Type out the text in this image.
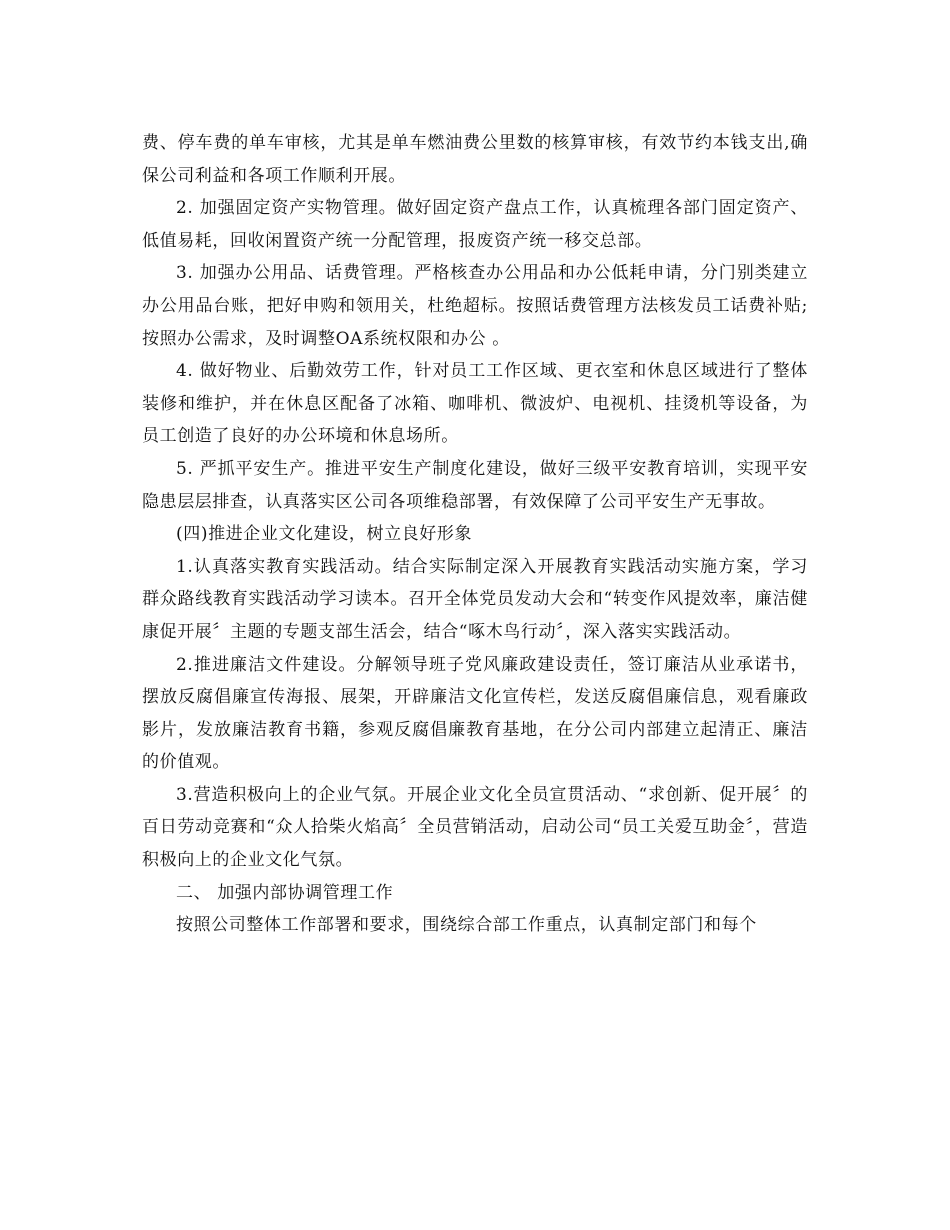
费、停车费的单车审核，尤其是单车燃油费公里数的核算审核，有效节约本钱支出,确保公司利益和各项工作顺利开展。

2. 加强固定资产实物管理。做好固定资产盘点工作，认真梳理各部门固定资产、低值易耗，回收闲置资产统一分配管理，报废资产统一移交总部。

3. 加强办公用品、话费管理。严格核查办公用品和办公低耗申请，分门别类建立办公用品台账，把好申购和领用关，杜绝超标。按照话费管理方法核发员工话费补贴;按照办公需求，及时调整OA系统权限和办公 。

4. 做好物业、后勤效劳工作，针对员工工作区域、更衣室和休息区域进行了整体装修和维护，并在休息区配备了冰箱、咖啡机、微波炉、电视机、挂烫机等设备，为员工创造了良好的办公环境和休息场所。

5. 严抓平安生产。推进平安生产制度化建设，做好三级平安教育培训，实现平安隐患层层排查，认真落实区公司各项维稳部署，有效保障了公司平安生产无事故。

(四)推进企业文化建设，树立良好形象

1.认真落实教育实践活动。结合实际制定深入开展教育实践活动实施方案，学习群众路线教育实践活动学习读本。召开全体党员发动大会和“转变作风提效率，廉洁健康促开展〞主题的专题支部生活会，结合“啄木鸟行动〞，深入落实实践活动。

2.推进廉洁文件建设。分解领导班子党风廉政建设责任，签订廉洁从业承诺书，摆放反腐倡廉宣传海报、展架，开辟廉洁文化宣传栏，发送反腐倡廉信息，观看廉政影片，发放廉洁教育书籍，参观反腐倡廉教育基地，在分公司内部建立起清正、廉洁的价值观。

3.营造积极向上的企业气氛。开展企业文化全员宣贯活动、“求创新、促开展〞的百日劳动竞赛和“众人拾柴火焰高〞全员营销活动，启动公司“员工关爱互助金〞，营造积极向上的企业文化气氛。

二、 加强内部协调管理工作

按照公司整体工作部署和要求，围绕综合部工作重点，认真制定部门和每个
